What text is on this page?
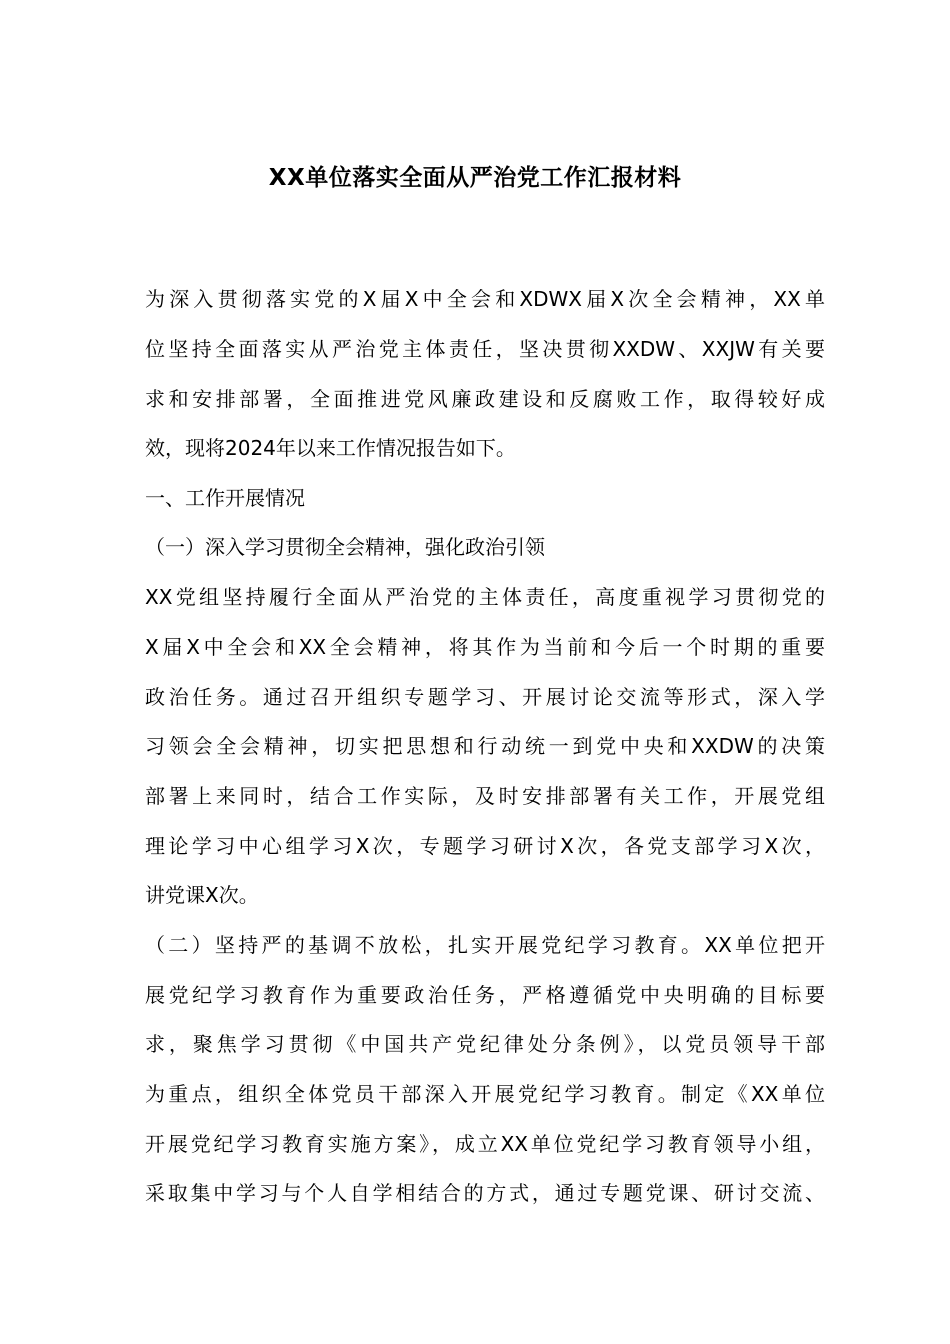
XX单位落实全面从严治党工作汇报材料
为深入贯彻落实党的X届X中全会和XDWX届X次全会精神，XX单
位坚持全面落实从严治党主体责任，坚决贯彻XXDW、XXJW有关要
求和安排部署，全面推进党风廉政建设和反腐败工作，取得较好成
效，现将2024年以来工作情况报告如下。
一、工作开展情况
（一）深入学习贯彻全会精神，强化政治引领
XX党组坚持履行全面从严治党的主体责任，高度重视学习贯彻党的
X届X中全会和XX全会精神，将其作为当前和今后一个时期的重要
政治任务。通过召开组织专题学习、开展讨论交流等形式，深入学
习领会全会精神，切实把思想和行动统一到党中央和XXDW的决策
部署上来同时，结合工作实际，及时安排部署有关工作，开展党组
理论学习中心组学习X次，专题学习研讨X次，各党支部学习X次，
讲党课X次。
（二）坚持严的基调不放松，扎实开展党纪学习教育。XX单位把开
展党纪学习教育作为重要政治任务，严格遵循党中央明确的目标要
求，聚焦学习贯彻《中国共产党纪律处分条例》，以党员领导干部
为重点，组织全体党员干部深入开展党纪学习教育。制定《XX单位
开展党纪学习教育实施方案》，成立XX单位党纪学习教育领导小组，
采取集中学习与个人自学相结合的方式，通过专题党课、研讨交流、
